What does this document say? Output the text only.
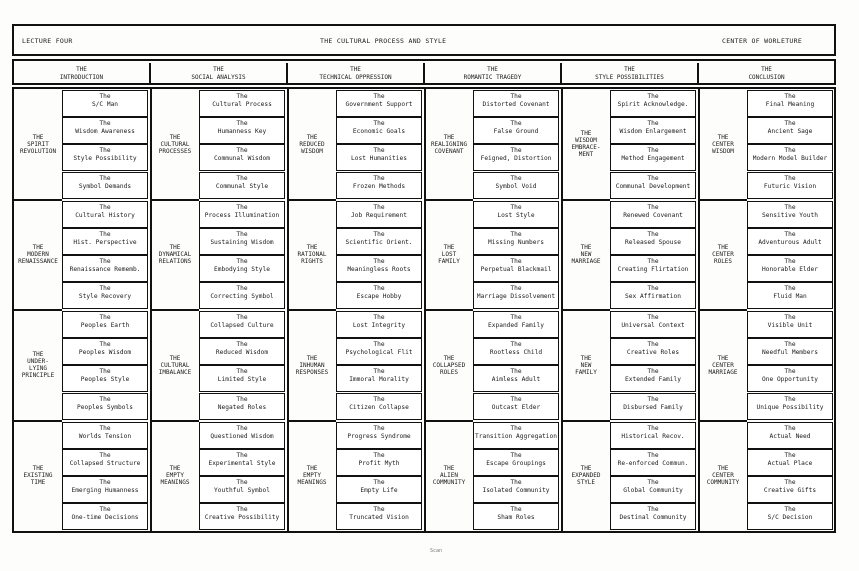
LECTURE FOUR	THE CULTURAL PROCESS AND STYLE	CENTER OF WORLETURE
THE
INTRODUCTION
THE
SOCIAL ANALYSIS
THE
TECHNICAL OPPRESSION
THE
ROMANTIC TRAGEDY
THE
STYLE POSSIBILITIES
THE
CONCLUSION
THE
SPIRIT
REVOLUTION
The
S/C Man
The
Wisdom Awareness
The
Style Possibility
The
Symbol Demands
THE
CULTURAL
PROCESSES
The
Cultural Process
The
Humanness Key
The
Communal Wisdom
The
Communal Style
THE
REDUCED
WISDOM
The
Government Support
The
Economic Goals
The
Lost Humanities
The
Frozen Methods
THE
REALIGNING
COVENANT
The
Distorted Covenant
The
False Ground
The
Feigned, Distortion
The
Symbol Void
THE
WISDOM
EMBRACE-
MENT
The
Spirit Acknowledge.
The
Wisdom Enlargement
The
Method Engagement
The
Communal Development
THE
CENTER
WISDOM
The
Final Meaning
The
Ancient Sage
The
Modern Model Builder
The
Futuric Vision
THE
MODERN
RENAISSANCE
The
Cultural History
The
Hist. Perspective
The
Renaissance Rememb.
The
Style Recovery
THE
DYNAMICAL
RELATIONS
The
Process Illumination
The
Sustaining Wisdom
The
Embodying Style
The
Correcting Symbol
THE
RATIONAL
RIGHTS
The
Job Requirement
The
Scientific Orient.
The
Meaningless Roots
The
Escape Hobby
THE
LOST
FAMILY
The
Lost Style
The
Missing Numbers
The
Perpetual Blackmail
The
Marriage Dissolvement
THE
NEW
MARRIAGE
The
Renewed Covenant
The
Released Spouse
The
Creating Flirtation
The
Sex Affirmation
THE
CENTER
ROLES
The
Sensitive Youth
The
Adventurous Adult
The
Honorable Elder
The
Fluid Man
THE
UNDER-
LYING
PRINCIPLE
The
Peoples Earth
The
Peoples Wisdom
The
Peoples Style
The
Peoples Symbols
THE
CULTURAL
IMBALANCE
The
Collapsed Culture
The
Reduced Wisdom
The
Limited Style
The
Negated Roles
THE
INHUMAN
RESPONSES
The
Lost Integrity
The
Psychological Flit
The
Immoral Morality
The
Citizen Collapse
THE
COLLAPSED
ROLES
The
Expanded Family
The
Rootless Child
The
Aimless Adult
The
Outcast Elder
THE
NEW
FAMILY
The
Universal Context
The
Creative Roles
The
Extended Family
The
Disbursed Family
THE
CENTER
MARRIAGE
The
Visible Unit
The
Needful Members
The
One Opportunity
The
Unique Possibility
THE
EXISTING
TIME
The
Worlds Tension
The
Collapsed Structure
The
Emerging Humanness
The
One-time Decisions
THE
EMPTY
MEANINGS
The
Questioned Wisdom
The
Experimental Style
The
Youthful Symbol
The
Creative Possibility
THE
EMPTY
MEANINGS
The
Progress Syndrome
The
Profit Myth
The
Empty Life
The
Truncated Vision
THE
ALIEN
COMMUNITY
The
Transition Aggregation
The
Escape Groupings
The
Isolated Community
The
Sham Roles
THE
EXPANDED
STYLE
The
Historical Recov.
The
Re-enforced Commun.
The
Global Community
The
Destinal Community
THE
CENTER
COMMUNITY
The
Actual Need
The
Actual Place
The
Creative Gifts
The
S/C Decision
Scan
